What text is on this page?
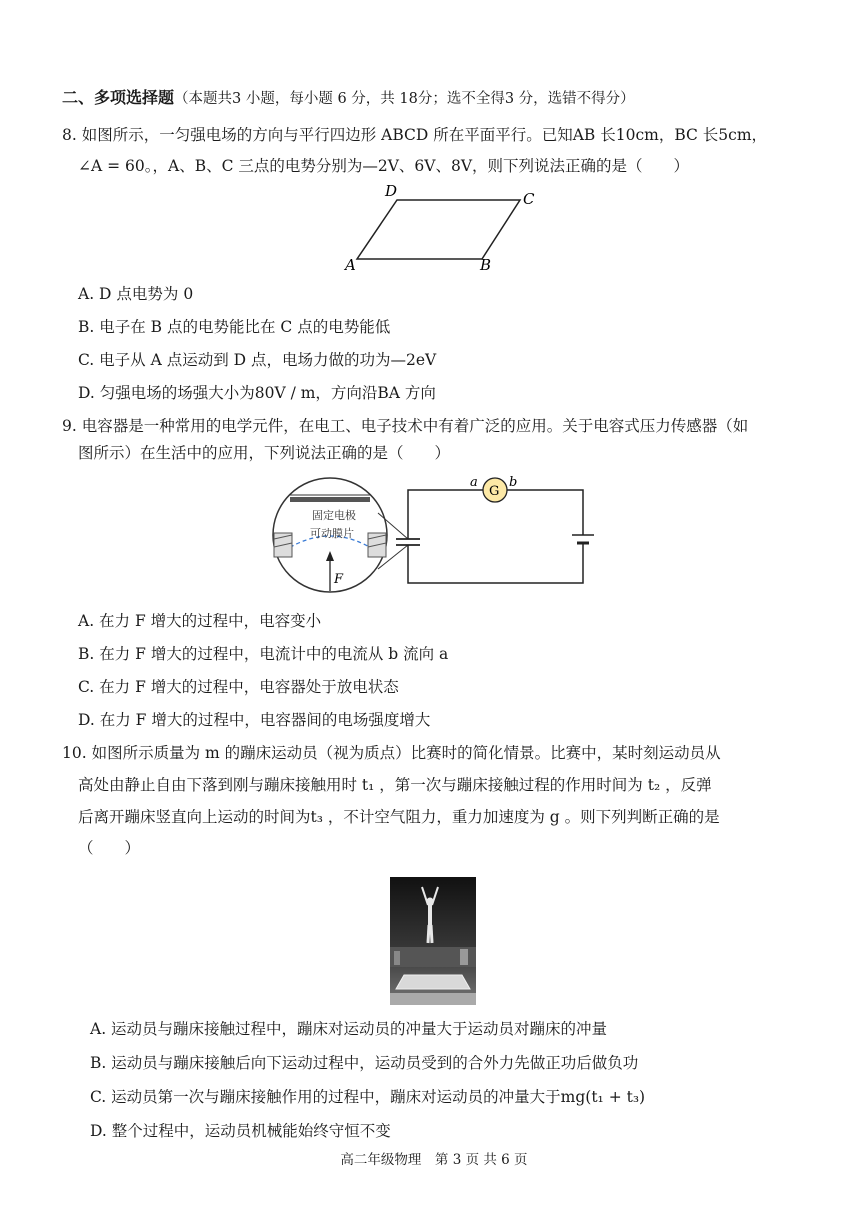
二、多项选择题（本题共3 小题，每小题 6 分，共 18分；选不全得3 分，选错不得分）
8. 如图所示，一匀强电场的方向与平行四边形 ABCD 所在平面平行。已知AB 长10cm，BC 长5cm，
∠A = 60。，A、B、C 三点的电势分别为—2V、6V、8V，则下列说法正确的是（　　）
A	B
C
D
A. D 点电势为 0
B. 电子在 B 点的电势能比在 C 点的电势能低
C. 电子从 A 点运动到 D 点，电场力做的功为—2eV
D. 匀强电场的场强大小为80V / m，方向沿BA 方向
9. 电容器是一种常用的电学元件，在电工、电子技术中有着广泛的应用。关于电容式压力传感器（如
图所示）在生活中的应用，下列说法正确的是（　　）
固定电极
可动膜片
F
G
a b
A. 在力 F 增大的过程中，电容变小
B. 在力 F 增大的过程中，电流计中的电流从 b 流向 a
C. 在力 F 增大的过程中，电容器处于放电状态
D. 在力 F 增大的过程中，电容器间的电场强度增大
10. 如图所示质量为 m 的蹦床运动员（视为质点）比赛时的简化情景。比赛中，某时刻运动员从
高处由静止自由下落到刚与蹦床接触用时 t₁ ，第一次与蹦床接触过程的作用时间为 t₂ ，反弹
后离开蹦床竖直向上运动的时间为t₃ ，不计空气阻力，重力加速度为 g 。则下列判断正确的是
（　　）
A. 运动员与蹦床接触过程中，蹦床对运动员的冲量大于运动员对蹦床的冲量
B. 运动员与蹦床接触后向下运动过程中，运动员受到的合外力先做正功后做负功
C. 运动员第一次与蹦床接触作用的过程中，蹦床对运动员的冲量大于mg(t₁ + t₃)
D. 整个过程中，运动员机械能始终守恒不变
高二年级物理　第 3 页 共 6 页
